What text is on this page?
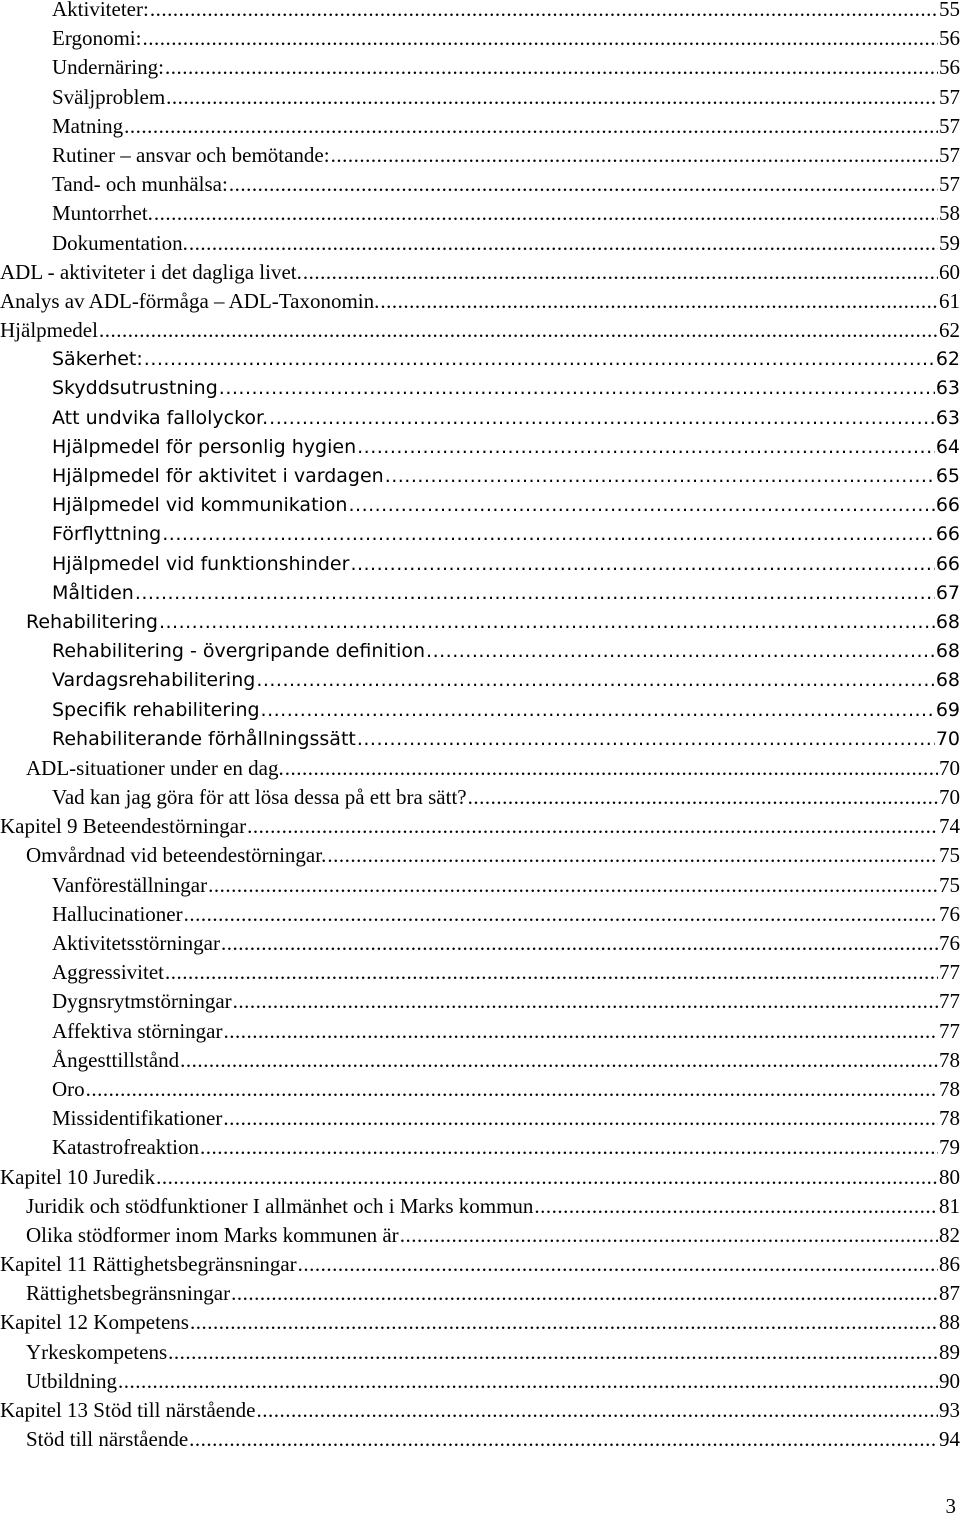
Aktiviteter: .....	55
Ergonomi: .....	56
Undernäring: .....	56
Sväljproblem .....	57
Matning .....	57
Rutiner – ansvar och bemötande: .....	57
Tand- och munhälsa: .....	57
Muntorrhet. .....	58
Dokumentation. .....	59
ADL - aktiviteter i det dagliga livet. .....	60
Analys av ADL-förmåga – ADL-Taxonomin. .....	61
Hjälpmedel .....	62
Säkerhet: .....	62
Skyddsutrustning .....	63
Att undvika fallolyckor. .....	63
Hjälpmedel för personlig hygien .....	64
Hjälpmedel för aktivitet i vardagen .....	65
Hjälpmedel vid kommunikation .....	66
Förflyttning .....	66
Hjälpmedel vid funktionshinder .....	66
Måltiden .....	67
Rehabilitering .....	68
Rehabilitering - övergripande definition .....	68
Vardagsrehabilitering .....	68
Specifik rehabilitering .....	69
Rehabiliterande förhållningssätt .....	70
ADL-situationer under en dag. .....	70
Vad kan jag göra för att lösa dessa på ett bra sätt? .....	70
Kapitel 9 Beteendestörningar .....	74
Omvårdnad vid beteendestörningar. .....	75
Vanföreställningar .....	75
Hallucinationer .....	76
Aktivitetsstörningar .....	76
Aggressivitet .....	77
Dygnsrytmstörningar .....	77
Affektiva störningar .....	77
Ångesttillstånd .....	78
Oro .....	78
Missidentifikationer .....	78
Katastrofreaktion .....	79
Kapitel 10 Juredik .....	80
Juridik och stödfunktioner I allmänhet och i Marks kommun .....	81
Olika stödformer inom Marks kommunen är .....	82
Kapitel 11 Rättighetsbegränsningar .....	86
Rättighetsbegränsningar .....	87
Kapitel 12 Kompetens .....	88
Yrkeskompetens .....	89
Utbildning .....	90
Kapitel 13 Stöd till närstående .....	93
Stöd till närstående .....	94
3
